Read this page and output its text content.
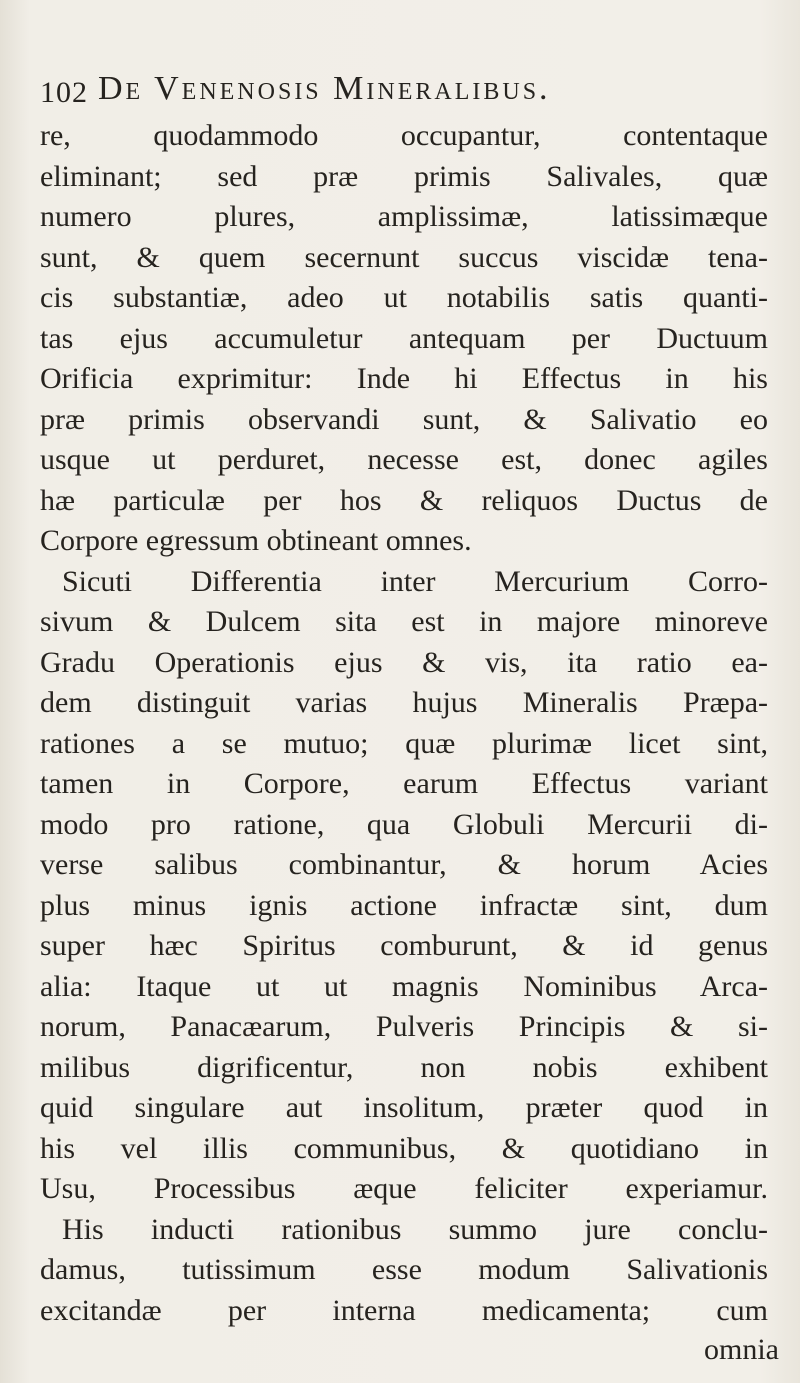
102 De Venenosis Mineralibus.
re, quodammodo occupantur, contentaque
eliminant; sed præ primis Salivales, quæ
numero plures, amplissimæ, latissimæque
sunt, & quem secernunt succus viscidæ tena-
cis substantiæ, adeo ut notabilis satis quanti-
tas ejus accumuletur antequam per Ductuum
Orificia exprimitur: Inde hi Effectus in his
præ primis observandi sunt, & Salivatio eo
usque ut perduret, necesse est, donec agiles
hæ particulæ per hos & reliquos Ductus de
Corpore egressum obtineant omnes.
Sicuti Differentia inter Mercurium Corro-
sivum & Dulcem sita est in majore minoreve
Gradu Operationis ejus & vis, ita ratio ea-
dem distinguit varias hujus Mineralis Præpa-
rationes a se mutuo; quæ plurimæ licet sint,
tamen in Corpore, earum Effectus variant
modo pro ratione, qua Globuli Mercurii di-
verse salibus combinantur, & horum Acies
plus minus ignis actione infractæ sint, dum
super hæc Spiritus comburunt, & id genus
alia: Itaque ut ut magnis Nominibus Arca-
norum, Panacæarum, Pulveris Principis & si-
milibus digrificentur, non nobis exhibent
quid singulare aut insolitum, præter quod in
his vel illis communibus, & quotidiano in
Usu, Processibus æque feliciter experiamur.
His inducti rationibus summo jure conclu-
damus, tutissimum esse modum Salivationis
excitandæ per interna medicamenta; cum
omnia
